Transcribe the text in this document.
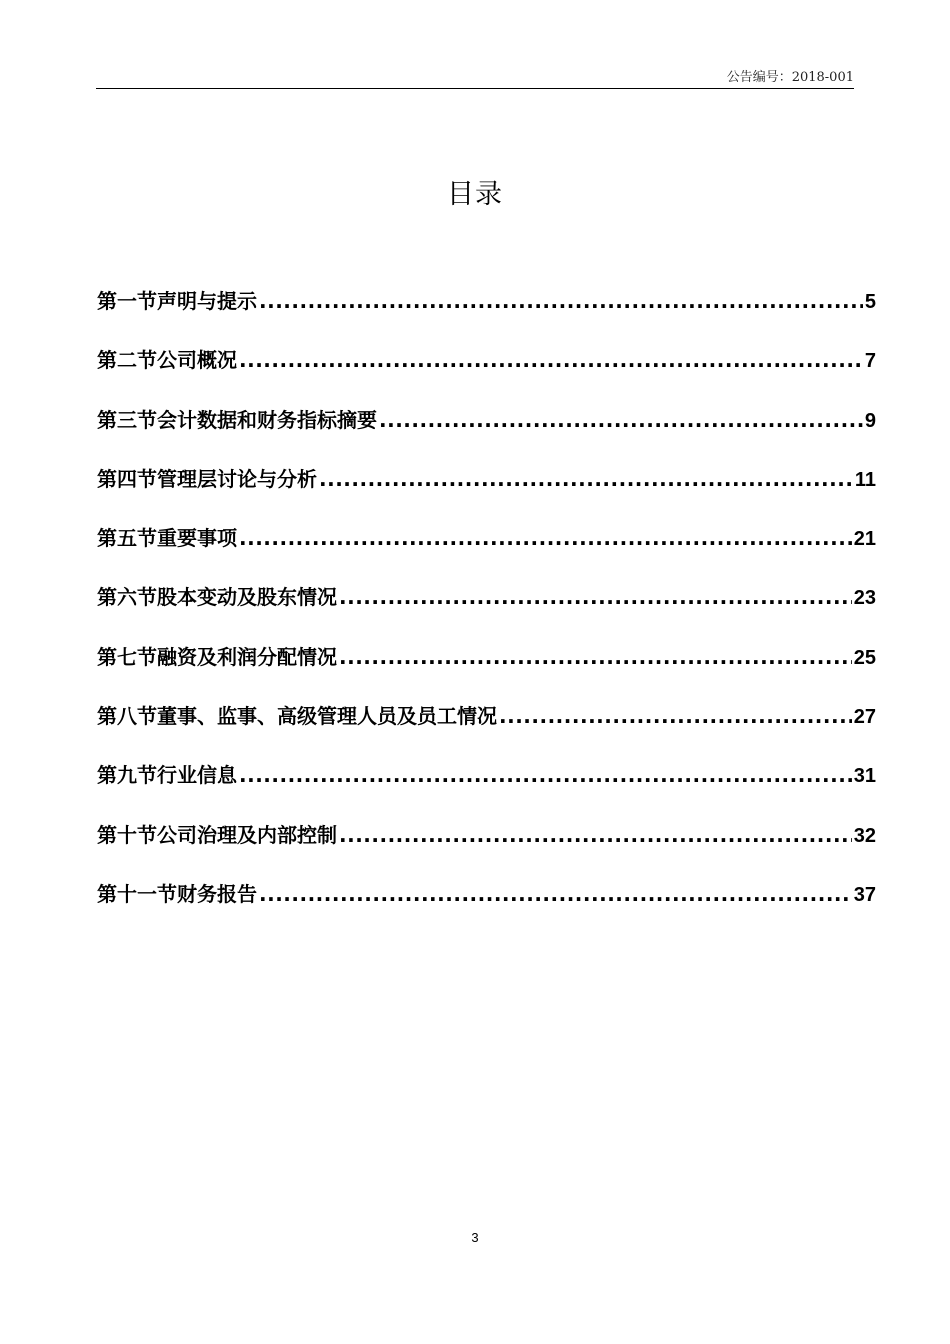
公告编号：2018-001
目录
第一节声明与提示 .....	5
第二节公司概况 .....	7
第三节会计数据和财务指标摘要 .....	9
第四节管理层讨论与分析 .....	11
第五节重要事项 .....	21
第六节股本变动及股东情况 .....	23
第七节融资及利润分配情况 .....	25
第八节董事、监事、高级管理人员及员工情况 .....	27
第九节行业信息 .....	31
第十节公司治理及内部控制 .....	32
第十一节财务报告 .....	37
3
